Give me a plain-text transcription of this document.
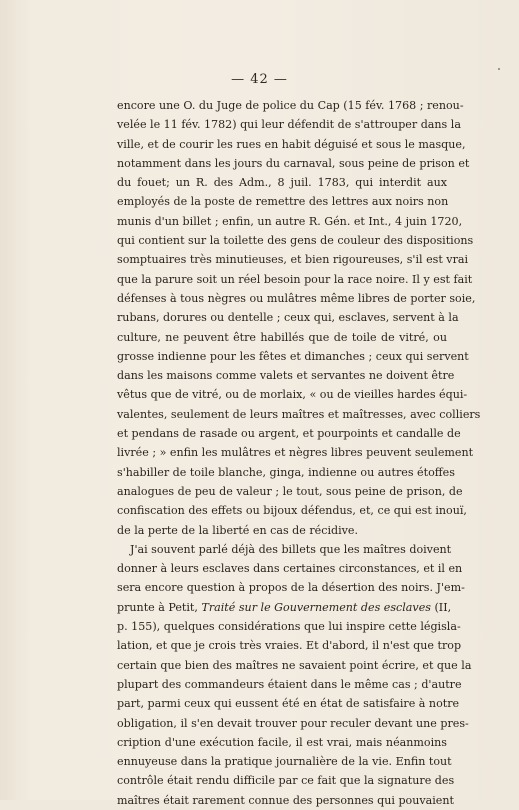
— 42 —
encore une O. du Juge de police du Cap (15 fév. 1768 ; renou-
velée le 11 fév. 1782) qui leur défendit de s'attrouper dans la
ville, et de courir les rues en habit déguisé et sous le masque,
notamment dans les jours du carnaval, sous peine de prison et
du fouet; un R. des Adm., 8 juil. 1783, qui interdit aux
employés de la poste de remettre des lettres aux noirs non
munis d'un billet ; enfin, un autre R. Gén. et Int., 4 juin 1720,
qui contient sur la toilette des gens de couleur des dispositions
somptuaires très minutieuses, et bien rigoureuses, s'il est vrai
que la parure soit un réel besoin pour la race noire. Il y est fait
défenses à tous nègres ou mulâtres même libres de porter soie,
rubans, dorures ou dentelle ; ceux qui, esclaves, servent à la
culture, ne peuvent être habillés que de toile de vitré, ou
grosse indienne pour les fêtes et dimanches ; ceux qui servent
dans les maisons comme valets et servantes ne doivent être
vêtus que de vitré, ou de morlaix, « ou de vieilles hardes équi-
valentes, seulement de leurs maîtres et maîtresses, avec colliers
et pendans de rasade ou argent, et pourpoints et candalle de
livrée ; » enfin les mulâtres et nègres libres peuvent seulement
s'habiller de toile blanche, ginga, indienne ou autres étoffes
analogues de peu de valeur ; le tout, sous peine de prison, de
confiscation des effets ou bijoux défendus, et, ce qui est inouï,
de la perte de la liberté en cas de récidive.
J'ai souvent parlé déjà des billets que les maîtres doivent
donner à leurs esclaves dans certaines circonstances, et il en
sera encore question à propos de la désertion des noirs. J'em-
prunte à Petit, Traité sur le Gouvernement des esclaves (II,
p. 155), quelques considérations que lui inspire cette législa-
lation, et que je crois très vraies. Et d'abord, il n'est que trop
certain que bien des maîtres ne savaient point écrire, et que la
plupart des commandeurs étaient dans le même cas ; d'autre
part, parmi ceux qui eussent été en état de satisfaire à notre
obligation, il s'en devait trouver pour reculer devant une pres-
cription d'une exécution facile, il est vrai, mais néanmoins
ennuyeuse dans la pratique journalière de la vie. Enfin tout
contrôle était rendu difficile par ce fait que la signature des
maîtres était rarement connue des personnes qui pouvaient
